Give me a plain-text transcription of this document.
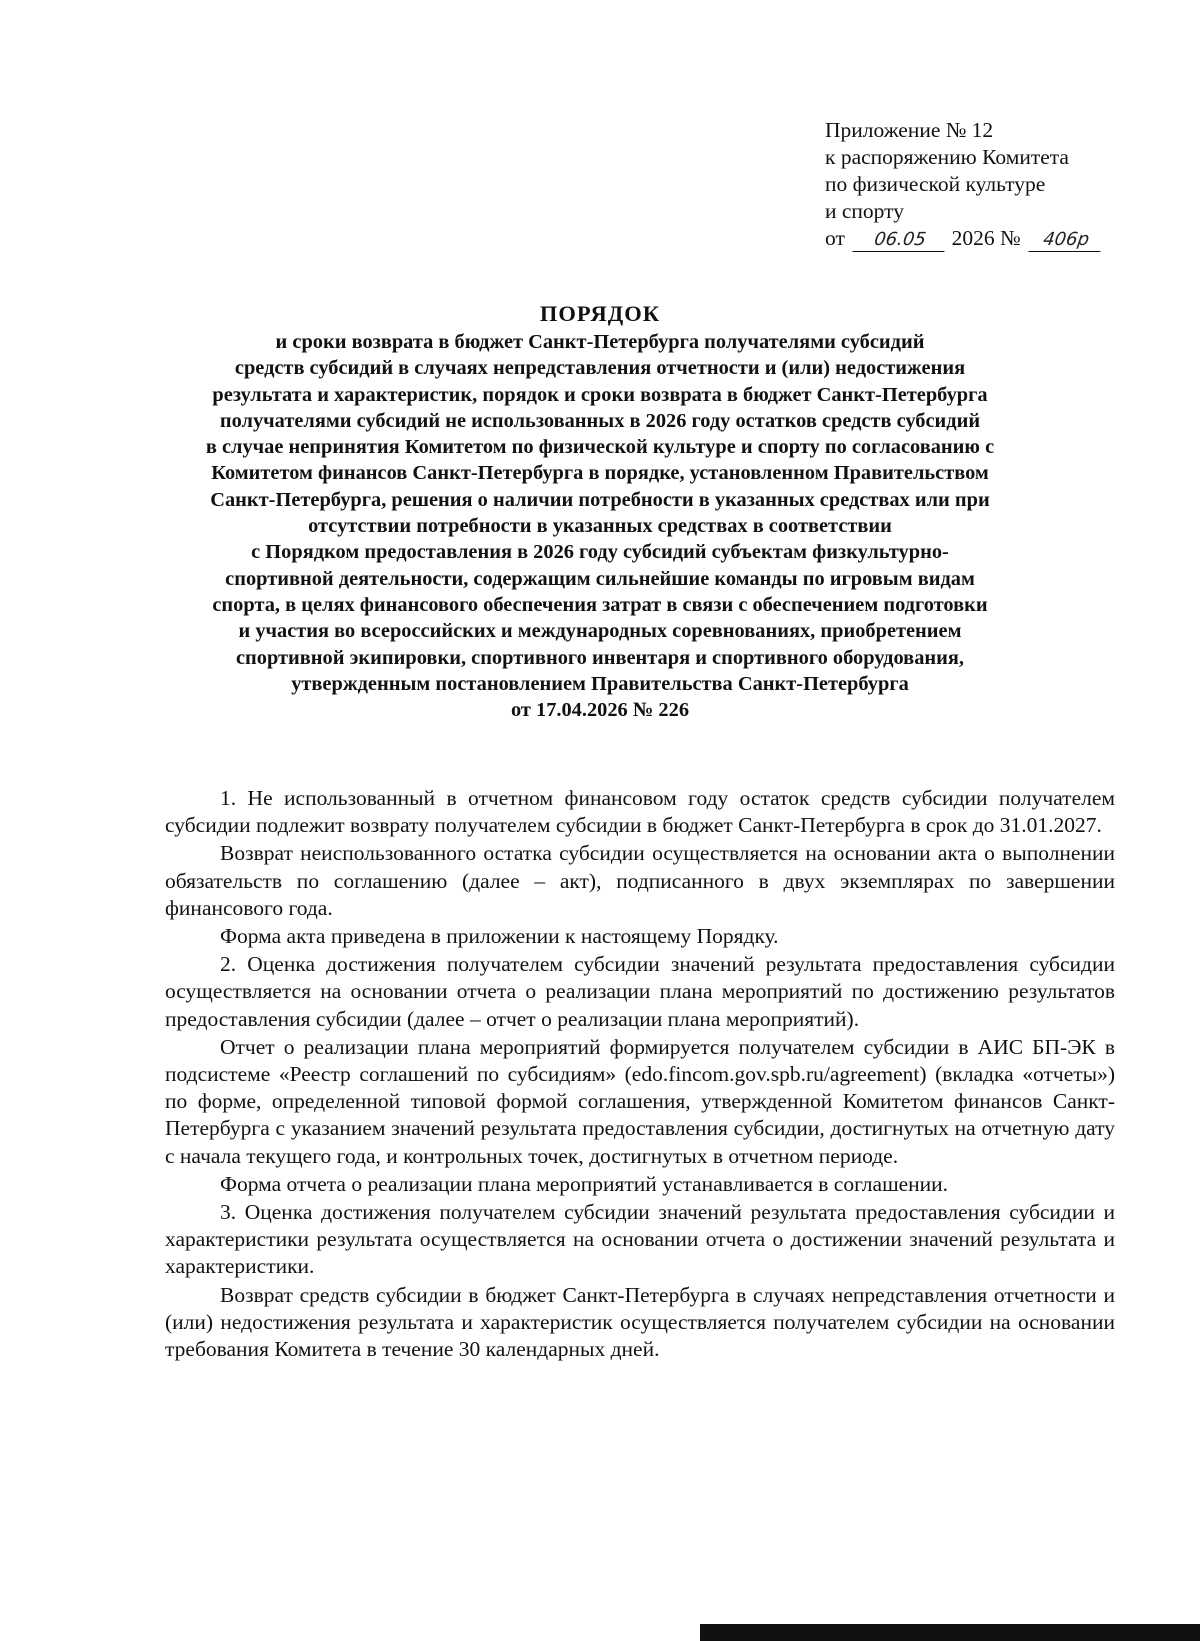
Приложение № 12
к распоряжению Комитета
по физической культуре
и спорту
от 06.05 2026 № 406р
ПОРЯДОК
и сроки возврата в бюджет Санкт-Петербурга получателями субсидий
средств субсидий в случаях непредставления отчетности и (или) недостижения
результата и характеристик, порядок и сроки возврата в бюджет Санкт-Петербурга
получателями субсидий не использованных в 2026 году остатков средств субсидий
в случае непринятия Комитетом по физической культуре и спорту по согласованию с
Комитетом финансов Санкт-Петербурга в порядке, установленном Правительством
Санкт-Петербурга, решения о наличии потребности в указанных средствах или при
отсутствии потребности в указанных средствах в соответствии
с Порядком предоставления в 2026 году субсидий субъектам физкультурно-
спортивной деятельности, содержащим сильнейшие команды по игровым видам
спорта, в целях финансового обеспечения затрат в связи с обеспечением подготовки
и участия во всероссийских и международных соревнованиях, приобретением
спортивной экипировки, спортивного инвентаря и спортивного оборудования,
утвержденным постановлением Правительства Санкт-Петербурга
от 17.04.2026 № 226

1. Не использованный в отчетном финансовом году остаток средств субсидии получателем субсидии подлежит возврату получателем субсидии в бюджет Санкт-Петербурга в срок до 31.01.2027.

Возврат неиспользованного остатка субсидии осуществляется на основании акта о выполнении обязательств по соглашению (далее – акт), подписанного в двух экземплярах по завершении финансового года.

Форма акта приведена в приложении к настоящему Порядку.

2. Оценка достижения получателем субсидии значений результата предоставления субсидии осуществляется на основании отчета о реализации плана мероприятий по достижению результатов предоставления субсидии (далее – отчет о реализации плана мероприятий).

Отчет о реализации плана мероприятий формируется получателем субсидии в АИС БП-ЭК в подсистеме «Реестр соглашений по субсидиям» (edo.fincom.gov.spb.ru/agreement) (вкладка «отчеты») по форме, определенной типовой формой соглашения, утвержденной Комитетом финансов Санкт-Петербурга с указанием значений результата предоставления субсидии, достигнутых на отчетную дату с начала текущего года, и контрольных точек, достигнутых в отчетном периоде.

Форма отчета о реализации плана мероприятий устанавливается в соглашении.

3. Оценка достижения получателем субсидии значений результата предоставления субсидии и характеристики результата осуществляется на основании отчета о достижении значений результата и характеристики.

Возврат средств субсидии в бюджет Санкт-Петербурга в случаях непредставления отчетности и (или) недостижения результата и характеристик осуществляется получателем субсидии на основании требования Комитета в течение 30 календарных дней.
